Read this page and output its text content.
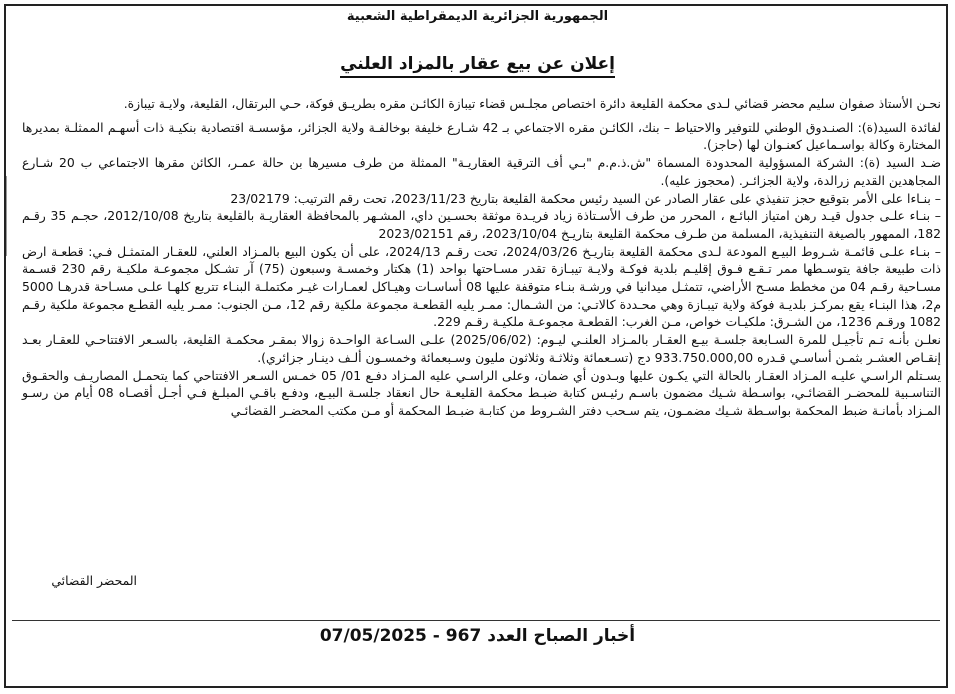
الجمهورية الجزائرية الديمقراطية الشعبية
إعلان عن بيع عقار بالمزاد العلني

نحـن الأستاذ صفوان سليم محضر قضائي لـدى محكمة القليعة دائرة اختصاص مجلـس قضاء تيبازة الكائـن مقره بطريـق فوكة، حـي البرتقال، القليعة، ولايـة تيبازة.

لفائدة السيد(ة): الصنـدوق الوطني للتوفير والاحتياط – بنك، الكائـن مقره الاجتماعي بـ 42 شـارع خليفة بوخالفـة ولاية الجزائر، مؤسسـة اقتصادية بنكيـة ذات أسهـم الممثلـة بمديرها المختارة وكالة بواسـماعيل كعنـوان لها (حاجز).

ضـد السيد (ة): الشركة المسؤولية المحدودة المسماة "ش.ذ.م.م "بـي أف الترقية العقاريـة" الممثلة من طرف مسيرها بن حالة عمـر، الكائن مقرها الاجتماعي ب 20 شـارع المجاهدين القديم زرالدة، ولاية الجزائـر. (محجوز عليه).

– بنـاءا على الأمر بتوقيع حجز تنفيذي على عقار الصادر عن السيد رئيس محكمة القليعة بتاريخ 2023/11/23، تحت رقم الترتيب: 23/02179

– بنـاء علـى جدول قيـد رهن امتياز البائـع ، المحرر من طرف الأسـتاذة زياد فريـدة موثقة بحسـين داي، المشـهر بالمحافظة العقاريـة بالقليعة بتاريخ 2012/10/08، حجـم 35 رقـم 182، الممهور بالصيغة التنفيذية، المسلمة من طـرف محكمة القليعة بتاريـخ 2023/10/04، رقم 2023/02151

– بنـاء علـى قائمـة شـروط البيـع المودعة لـدى محكمة القليعة بتاريـخ 2024/03/26، تحت رقـم 2024/13، على أن يكون البيع بالمـزاد العلني، للعقـار المتمثـل فـي: قطعـة ارض ذات طبيعة جافة يتوسـطها ممر تـقـع فـوق إقليـم بلدية فوكـة ولايـة تيبـازة تقدر مسـاحتها بواحد (1) هكتار وخمسـة وسبعون (75) آر تشـكل مجموعـة ملكيـة رقم 230 قسـمة مسـاحية رقـم 04 من مخطط مسـح الأراضي، تتمثـل ميدانيا في ورشـة بنـاء متوقفة عليها 08 أساسـات وهيـاكل لعمـارات غيـر مكتملـة البنـاء تتربع كلهـا علـى مسـاحة قدرهـا 5000 م2، هذا البنـاء يقع بمركـز بلديـة فوكة ولاية تيبـازة وهي محـددة كالاتـي: من الشـمال: ممـر يليه القطعـة مجموعة ملكية رقم 12، مـن الجنوب: ممـر يليه القطـع مجموعة ملكية رقـم 1082 ورقـم 1236، من الشـرق: ملكيـات خواص، مـن الغرب: القطعـة مجموعـة ملكيـة رقـم 229.

نعلـن بأنـه تـم تأجيـل للمرة السـابعة جلسـة بيـع العقـار بالمـزاد العلنـي ليـوم: (2025/06/02) علـى السـاعة الواحـدة زوالا بمقـر محكمـة القليعة، بالسـعر الافتتاحـي للعقـار بعـد إنقـاص العشـر بثمـن أساسـي قـدره 933.750.000,00 دج (تسـعمائة وثلاثـة وثلاثون مليون وسـبعمائة وخمسـون ألـف دينـار جزائري).

يسـتلم الراسـي عليـه المـزاد العقـار بالحالة التي يكـون عليها وبـدون أي ضمان، وعلى الراسـي عليه المـزاد دفـع 01/ 05 خمـس السـعر الافتتاحي كما يتحمـل المصاريـف والحقـوق التناسـبية للمحضـر القضائـي، بواسـطة شـيك مضمون باسـم رئيـس كتابة ضبـط محكمة القليعـة حال انعقاد جلسـة البيـع، ودفـع باقـي المبلـغ فـي أجـل أقصـاه 08 أيام من رسـو المـزاد بأمانـة ضبط المحكمة بواسـطة شـيك مضمـون، يتم سـحب دفتر الشـروط من كتابـة ضبـط المحكمة أو مـن مكتب المحضـر القضائـي

المحضر القضائي
أخبار الصباح العدد 967 - 07/05/2025
